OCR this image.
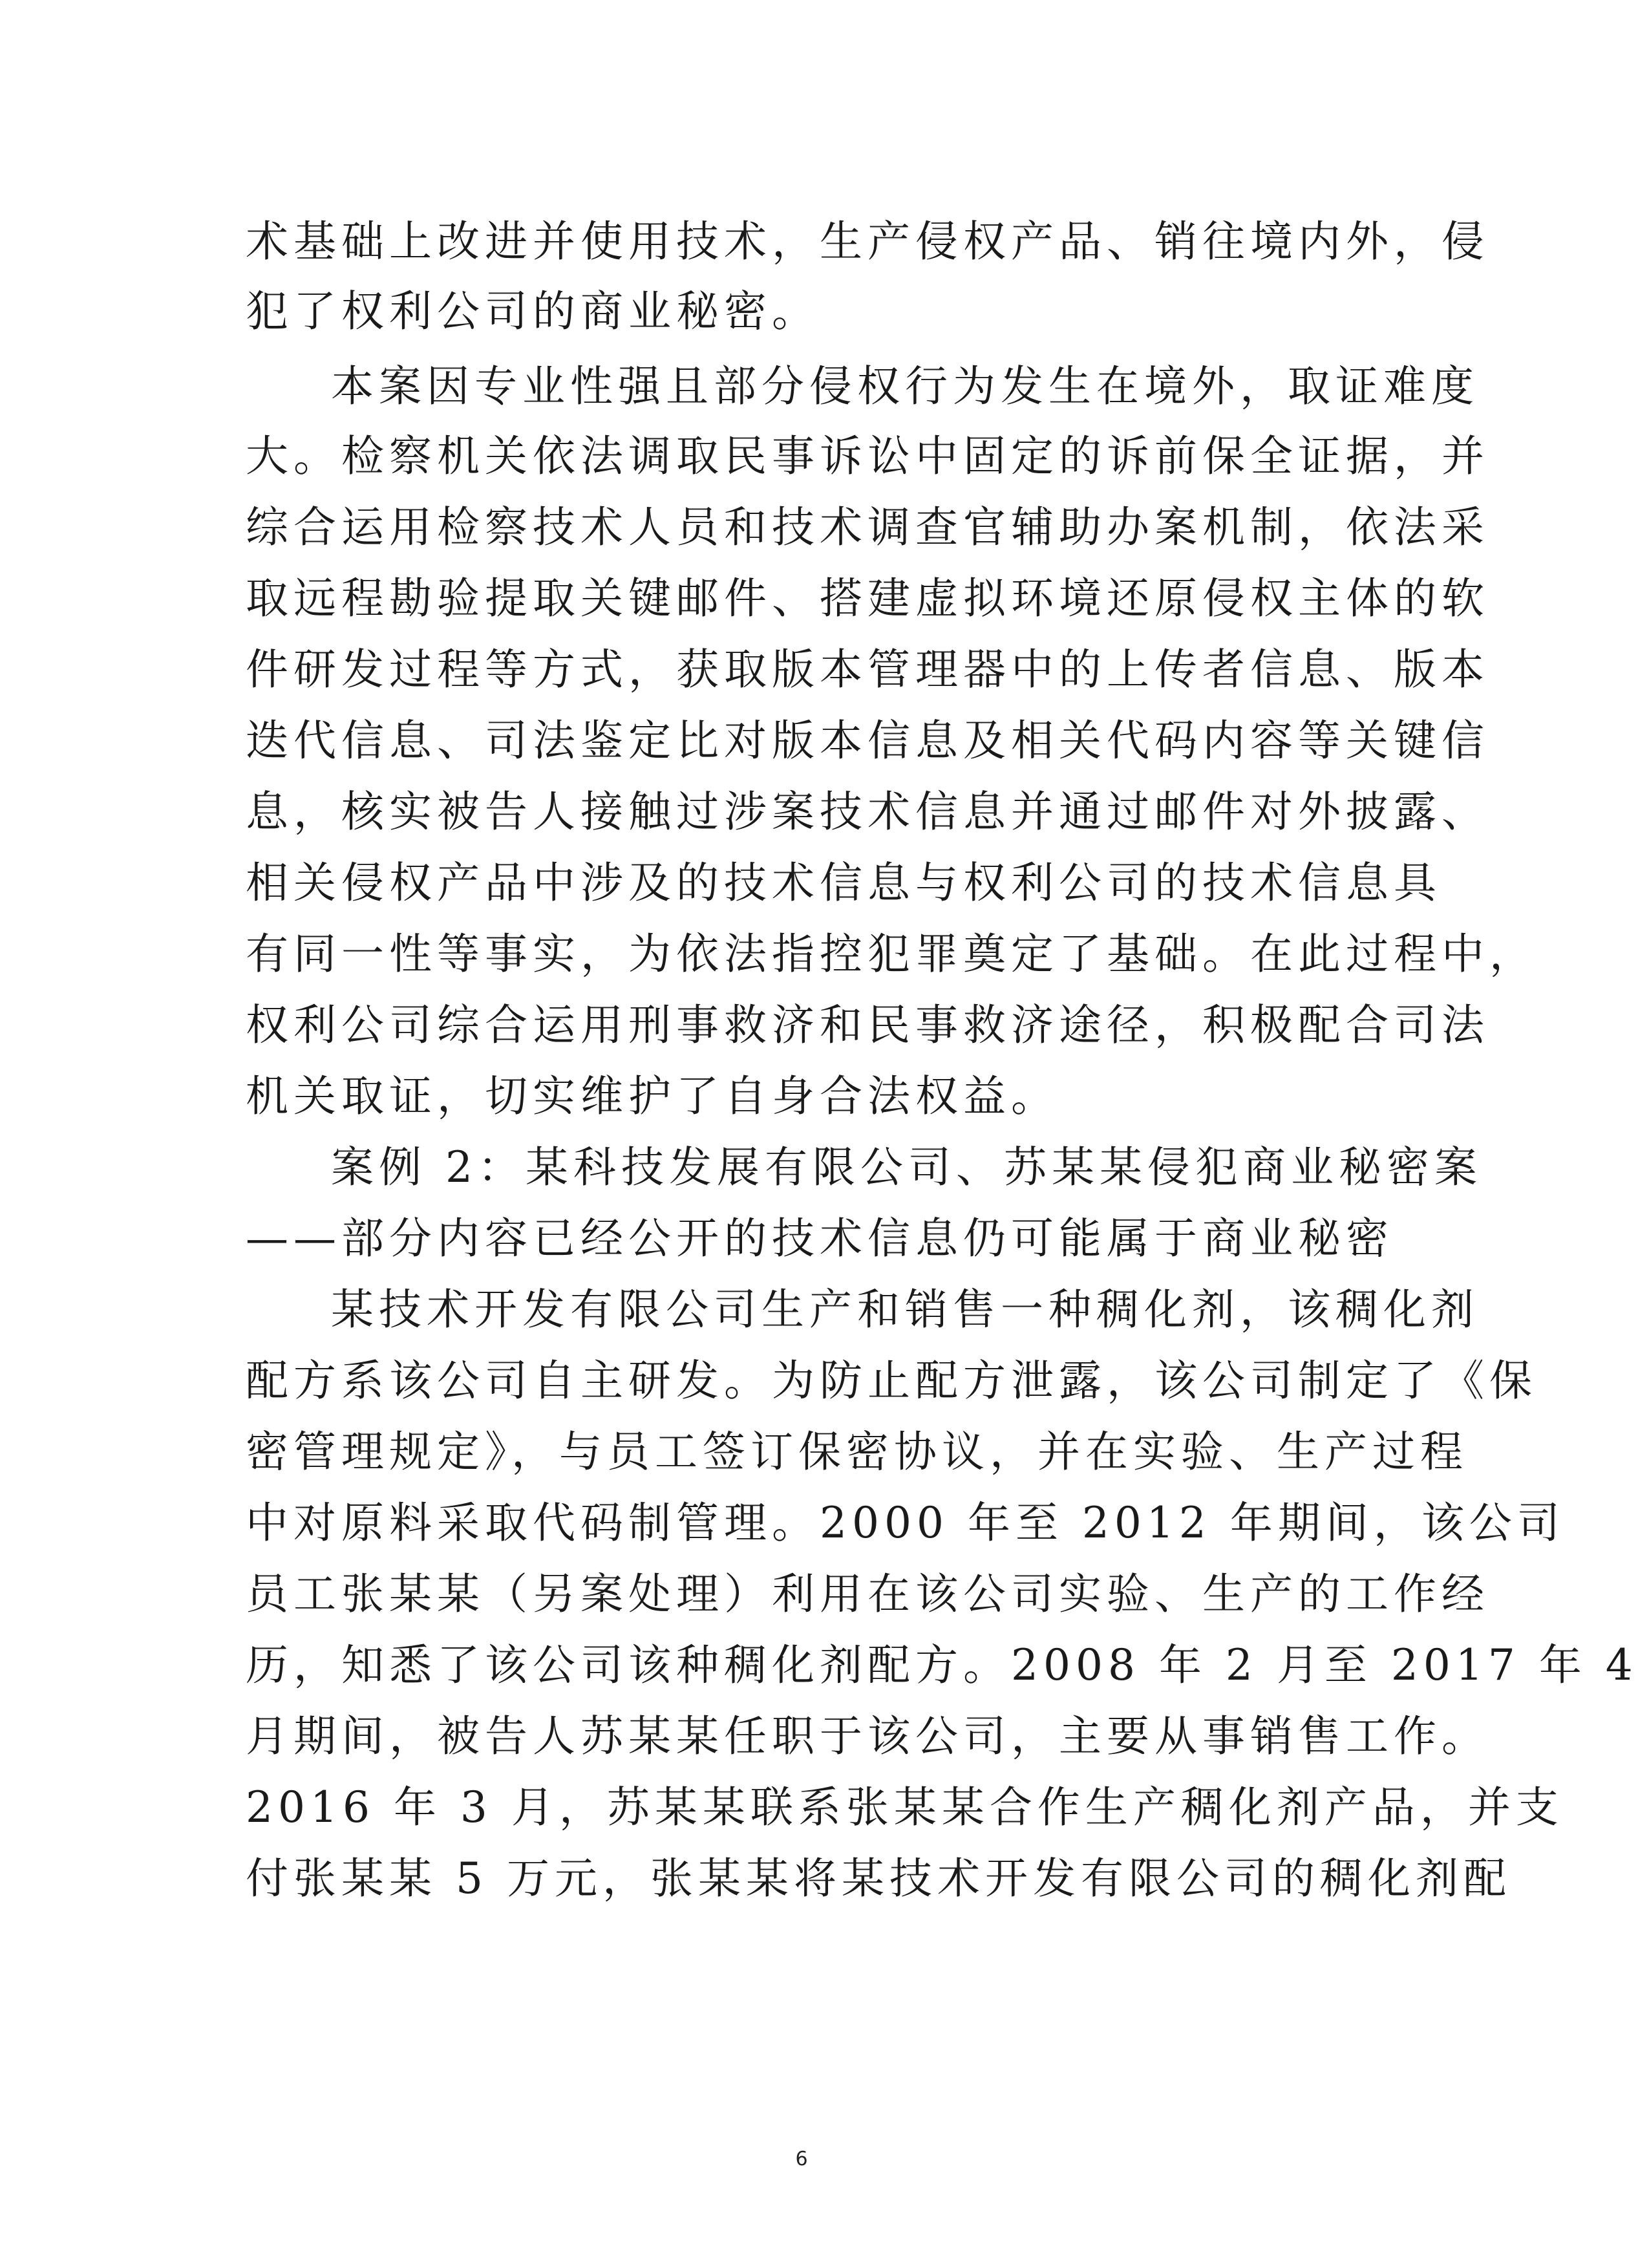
术基础上改进并使用技术，生产侵权产品、销往境内外，侵
犯了权利公司的商业秘密。
本案因专业性强且部分侵权行为发生在境外，取证难度
大。检察机关依法调取民事诉讼中固定的诉前保全证据，并
综合运用检察技术人员和技术调查官辅助办案机制，依法采
取远程勘验提取关键邮件、搭建虚拟环境还原侵权主体的软
件研发过程等方式，获取版本管理器中的上传者信息、版本
迭代信息、司法鉴定比对版本信息及相关代码内容等关键信
息，核实被告人接触过涉案技术信息并通过邮件对外披露、
相关侵权产品中涉及的技术信息与权利公司的技术信息具
有同一性等事实，为依法指控犯罪奠定了基础。在此过程中，
权利公司综合运用刑事救济和民事救济途径，积极配合司法
机关取证，切实维护了自身合法权益。
案例 2：某科技发展有限公司、苏某某侵犯商业秘密案
——部分内容已经公开的技术信息仍可能属于商业秘密
某技术开发有限公司生产和销售一种稠化剂，该稠化剂
配方系该公司自主研发。为防止配方泄露，该公司制定了《保
密管理规定》，与员工签订保密协议，并在实验、生产过程
中对原料采取代码制管理。2000 年至 2012 年期间，该公司
员工张某某（另案处理）利用在该公司实验、生产的工作经
历，知悉了该公司该种稠化剂配方。2008 年 2 月至 2017 年 4
月期间，被告人苏某某任职于该公司，主要从事销售工作。
2016 年 3 月，苏某某联系张某某合作生产稠化剂产品，并支
付张某某 5 万元，张某某将某技术开发有限公司的稠化剂配
6
